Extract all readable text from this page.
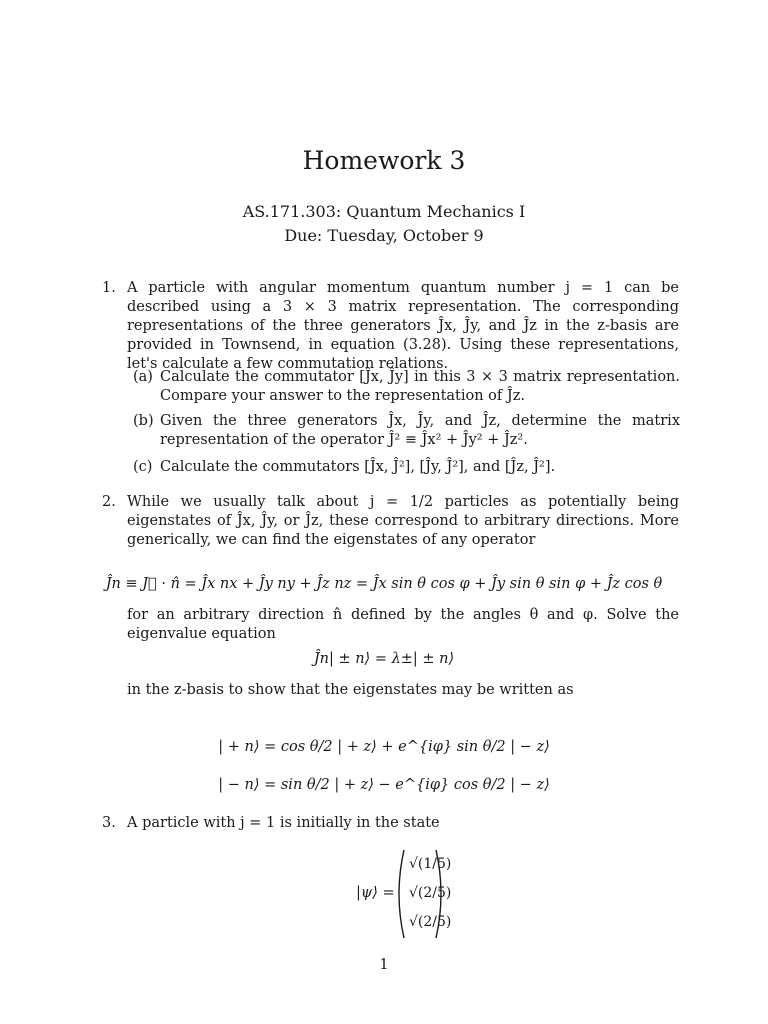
Homework 3
AS.171.303: Quantum Mechanics I
Due: Tuesday, October 9
1. A particle with angular momentum quantum number j = 1 can be described using a 3 × 3 matrix representation. The corresponding representations of the three generators Ĵx, Ĵy, and Ĵz in the z-basis are provided in Townsend, in equation (3.28). Using these representations, let's calculate a few commutation relations.
(a) Calculate the commutator [Ĵx, Ĵy] in this 3 × 3 matrix representation. Compare your answer to the representation of Ĵz.
(b) Given the three generators Ĵx, Ĵy, and Ĵz, determine the matrix representation of the operator Ĵ² ≡ Ĵx² + Ĵy² + Ĵz².
(c) Calculate the commutators [Ĵx, Ĵ²], [Ĵy, Ĵ²], and [Ĵz, Ĵ²].
2. While we usually talk about j = 1/2 particles as potentially being eigenstates of Ĵx, Ĵy, or Ĵz, these correspond to arbitrary directions. More generically, we can find the eigenstates of any operator
Ĵn ≡ J⃗ · n̂ = Ĵx nx + Ĵy ny + Ĵz nz = Ĵx sin θ cos φ + Ĵy sin θ sin φ + Ĵz cos θ
for an arbitrary direction n̂ defined by the angles θ and φ. Solve the eigenvalue equation
Ĵn| ± n⟩ = λ±| ± n⟩
in the z-basis to show that the eigenstates may be written as
| + n⟩ = cos θ/2 | + z⟩ + e^{iφ} sin θ/2 | − z⟩
| − n⟩ = sin θ/2 | + z⟩ − e^{iφ} cos θ/2 | − z⟩
3. A particle with j = 1 is initially in the state
|ψ⟩ =
√(1/5)
√(2/5)
√(2/5)
1
